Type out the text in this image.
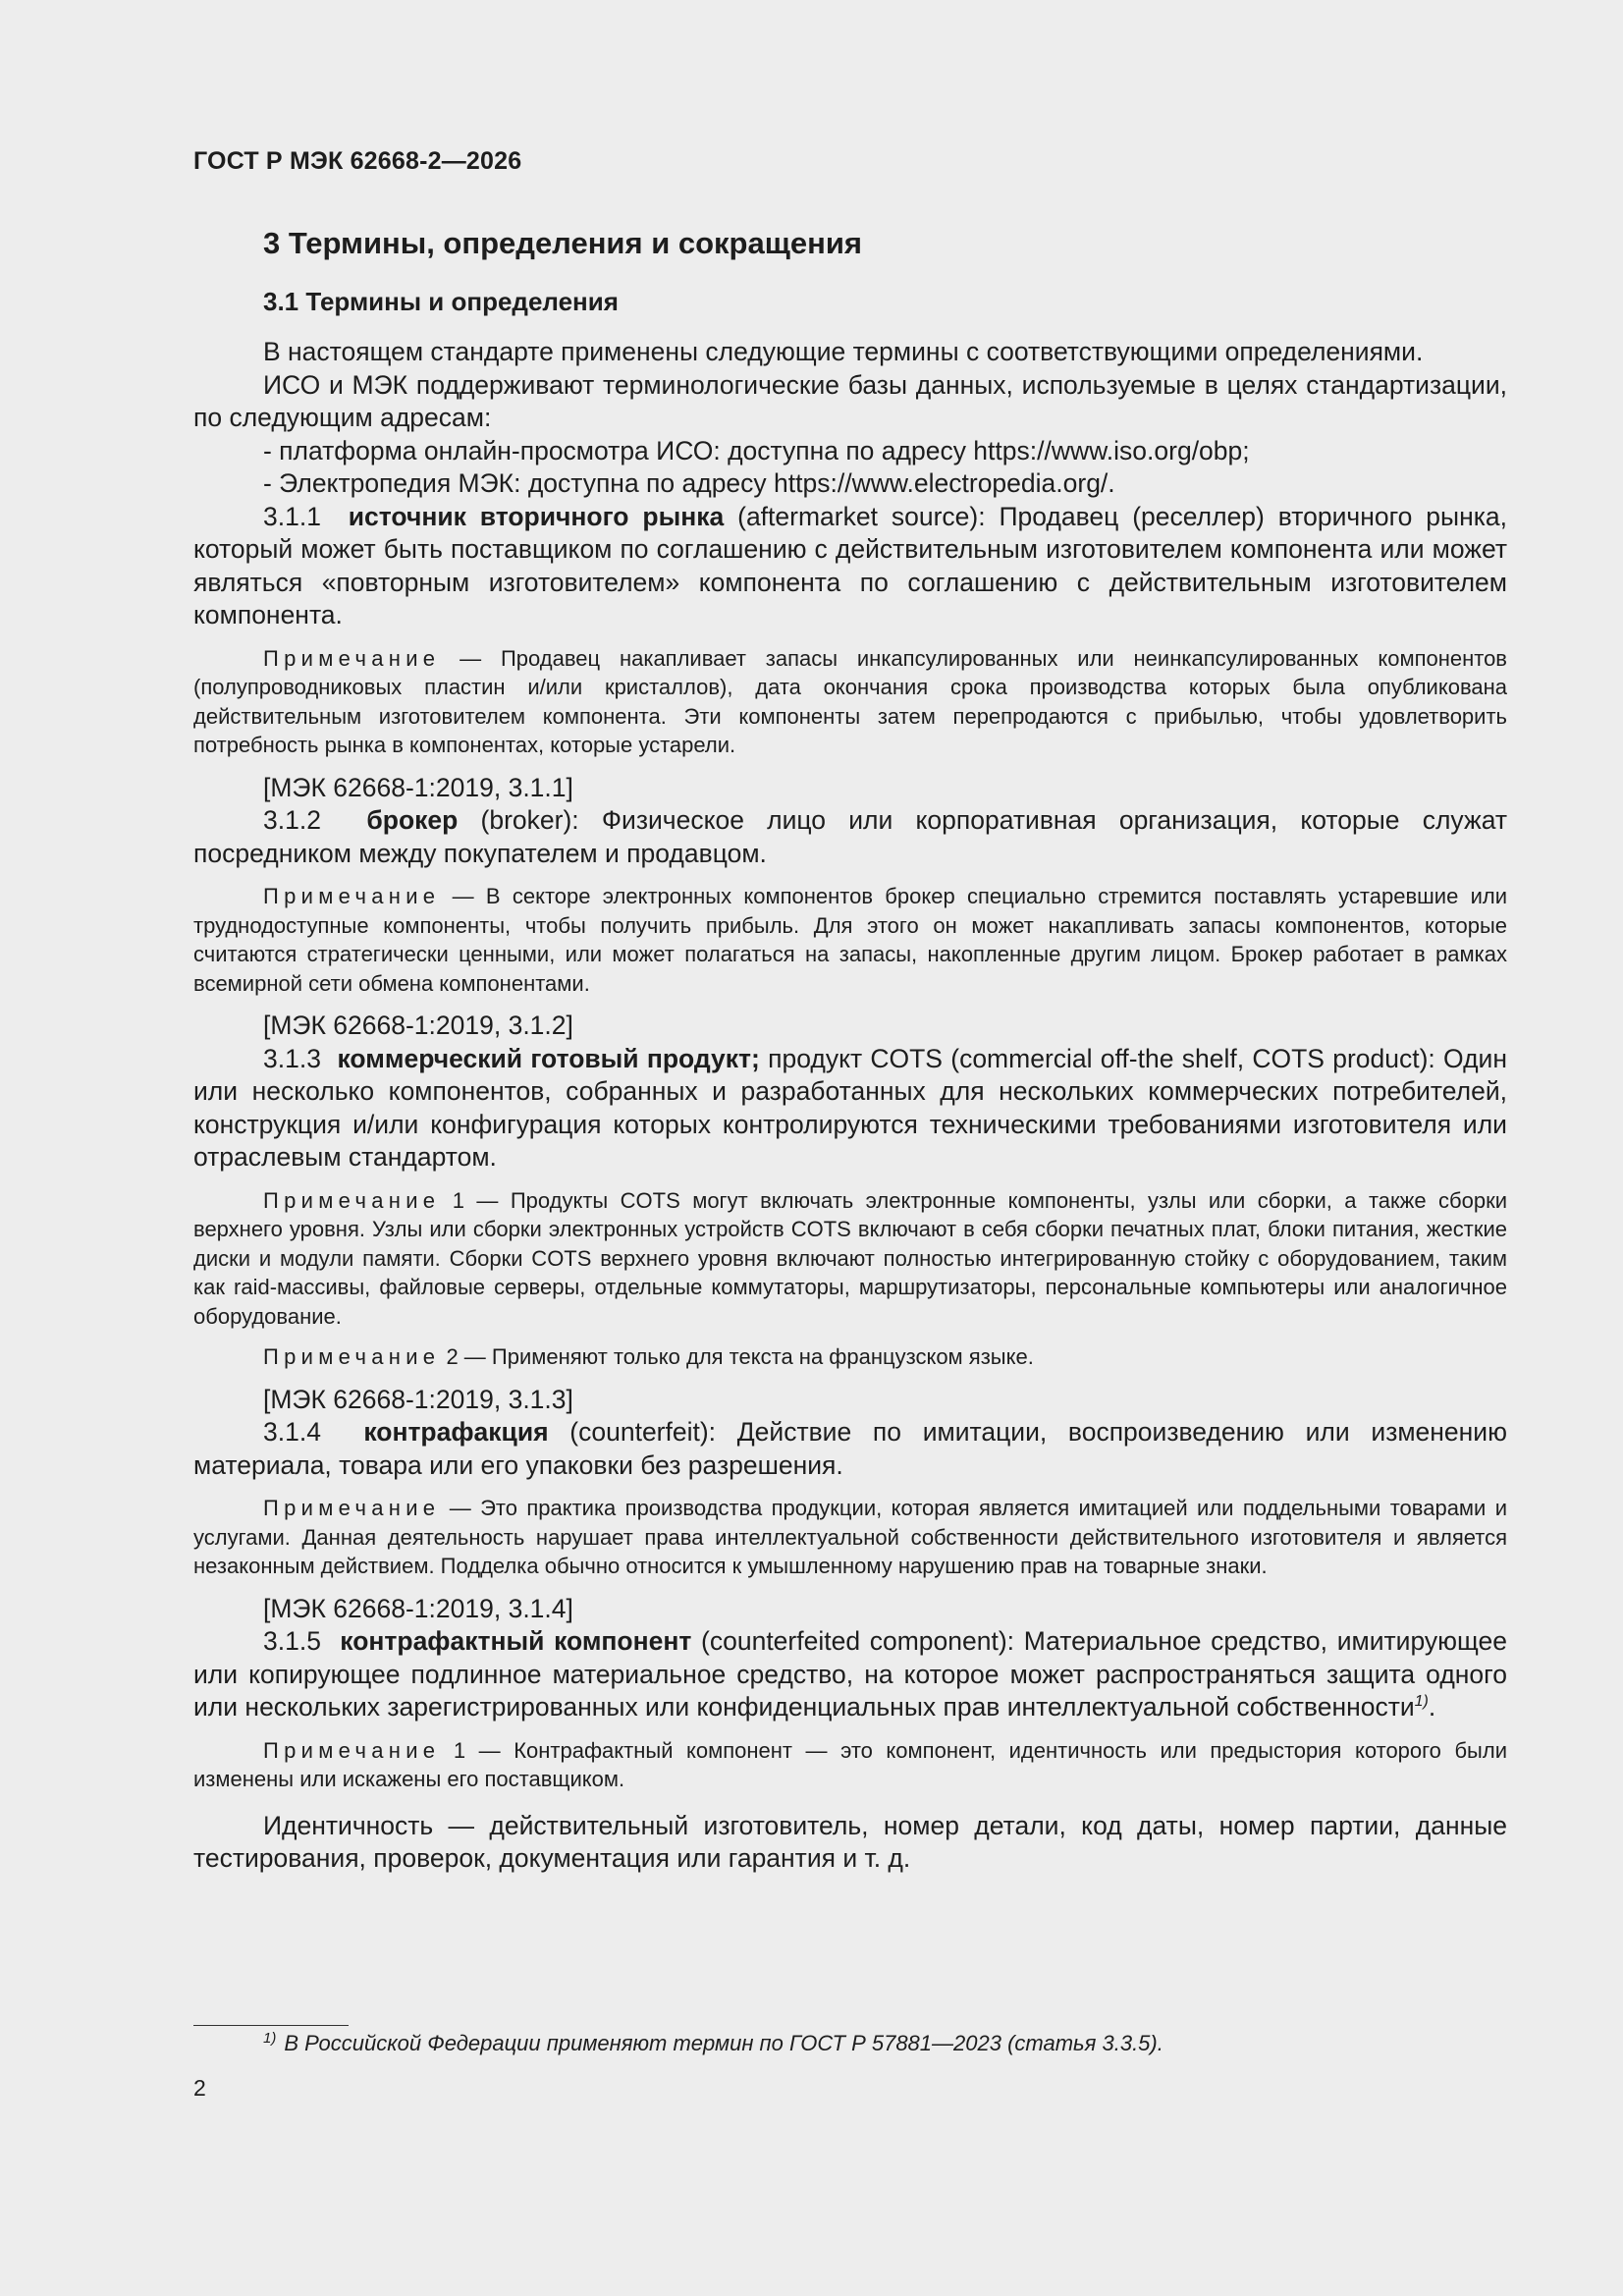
ГОСТ Р МЭК 62668-2—2026
3 Термины, определения и сокращения
3.1 Термины и определения

В настоящем стандарте применены следующие термины с соответствующими определениями.

ИСО и МЭК поддерживают терминологические базы данных, используемые в целях стандартизации, по следующим адресам:

- платформа онлайн-просмотра ИСО: доступна по адресу https://www.iso.org/obp;

- Электропедия МЭК: доступна по адресу https://www.electropedia.org/.

3.1.1 источник вторичного рынка (aftermarket source): Продавец (реселлер) вторичного рынка, который может быть поставщиком по соглашению с действительным изготовителем компонента или может являться «повторным изготовителем» компонента по соглашению с действительным изготовителем компонента.

Примечание — Продавец накапливает запасы инкапсулированных или неинкапсулированных компонентов (полупроводниковых пластин и/или кристаллов), дата окончания срока производства которых была опубликована действительным изготовителем компонента. Эти компоненты затем перепродаются с прибылью, чтобы удовлетворить потребность рынка в компонентах, которые устарели.

[МЭК 62668-1:2019, 3.1.1]

3.1.2 брокер (broker): Физическое лицо или корпоративная организация, которые служат посредником между покупателем и продавцом.

Примечание — В секторе электронных компонентов брокер специально стремится поставлять устаревшие или труднодоступные компоненты, чтобы получить прибыль. Для этого он может накапливать запасы компонентов, которые считаются стратегически ценными, или может полагаться на запасы, накопленные другим лицом. Брокер работает в рамках всемирной сети обмена компонентами.

[МЭК 62668-1:2019, 3.1.2]

3.1.3 коммерческий готовый продукт; продукт COTS (commercial off-the shelf, COTS product): Один или несколько компонентов, собранных и разработанных для нескольких коммерческих потребителей, конструкция и/или конфигурация которых контролируются техническими требованиями изготовителя или отраслевым стандартом.

Примечание 1 — Продукты COTS могут включать электронные компоненты, узлы или сборки, а также сборки верхнего уровня. Узлы или сборки электронных устройств COTS включают в себя сборки печатных плат, блоки питания, жесткие диски и модули памяти. Сборки COTS верхнего уровня включают полностью интегрированную стойку с оборудованием, таким как raid-массивы, файловые серверы, отдельные коммутаторы, маршрутизаторы, персональные компьютеры или аналогичное оборудование.

Примечание 2 — Применяют только для текста на французском языке.

[МЭК 62668-1:2019, 3.1.3]

3.1.4 контрафакция (counterfeit): Действие по имитации, воспроизведению или изменению материала, товара или его упаковки без разрешения.

Примечание — Это практика производства продукции, которая является имитацией или поддельными товарами и услугами. Данная деятельность нарушает права интеллектуальной собственности действительного изготовителя и является незаконным действием. Подделка обычно относится к умышленному нарушению прав на товарные знаки.

[МЭК 62668-1:2019, 3.1.4]

3.1.5 контрафактный компонент (counterfeited component): Материальное средство, имитирующее или копирующее подлинное материальное средство, на которое может распространяться защита одного или нескольких зарегистрированных или конфиденциальных прав интеллектуальной собственности$^{1)}$.

Примечание 1 — Контрафактный компонент — это компонент, идентичность или предыстория которого были изменены или искажены его поставщиком.

Идентичность — действительный изготовитель, номер детали, код даты, номер партии, данные тестирования, проверок, документация или гарантия и т. д.

$^{1)}$ В Российской Федерации применяют термин по ГОСТ Р 57881—2023 (статья 3.3.5).
2
